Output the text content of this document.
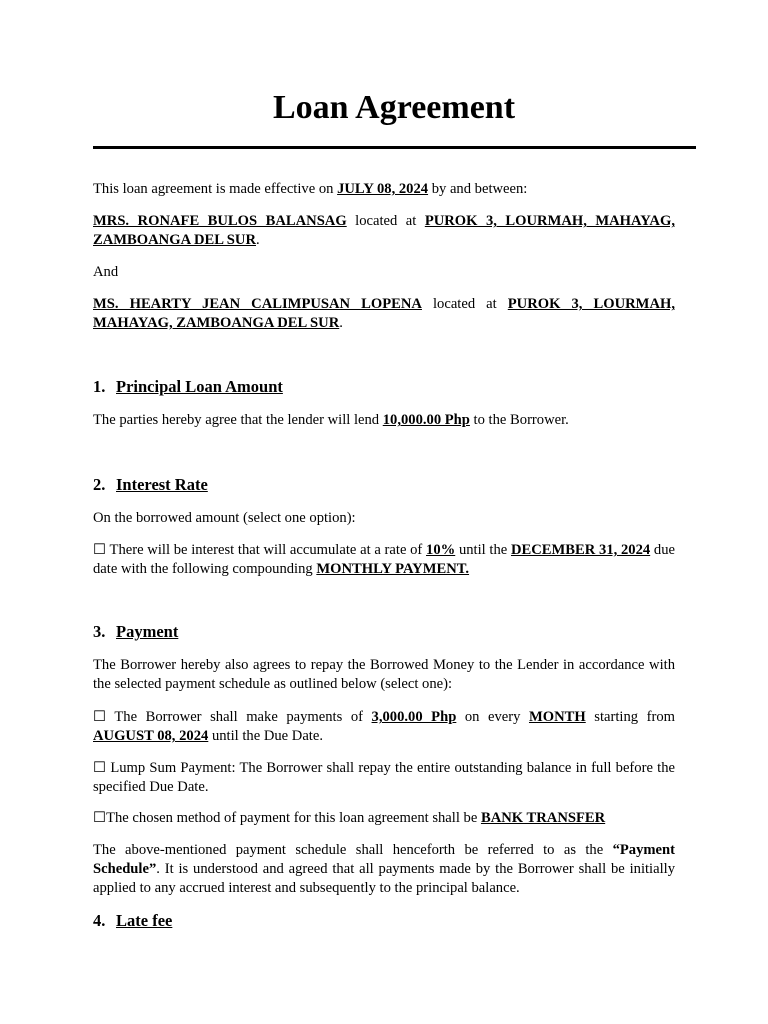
Loan Agreement

This loan agreement is made effective on JULY 08, 2024 by and between:

MRS. RONAFE BULOS BALANSAG located at PUROK 3, LOURMAH, MAHAYAG, ZAMBOANGA DEL SUR.

And

MS. HEARTY JEAN CALIMPUSAN LOPENA located at PUROK 3, LOURMAH, MAHAYAG, ZAMBOANGA DEL SUR.

1. Principal Loan Amount

The parties hereby agree that the lender will lend 10,000.00 Php to the Borrower.

2. Interest Rate

On the borrowed amount (select one option):

☐ There will be interest that will accumulate at a rate of 10% until the DECEMBER 31, 2024 due date with the following compounding MONTHLY PAYMENT.

3. Payment

The Borrower hereby also agrees to repay the Borrowed Money to the Lender in accordance with the selected payment schedule as outlined below (select one):

☐ The Borrower shall make payments of 3,000.00 Php on every MONTH starting from AUGUST 08, 2024 until the Due Date.

☐ Lump Sum Payment: The Borrower shall repay the entire outstanding balance in full before the specified Due Date.

☐The chosen method of payment for this loan agreement shall be BANK TRANSFER

The above-mentioned payment schedule shall henceforth be referred to as the “Payment Schedule”. It is understood and agreed that all payments made by the Borrower shall be initially applied to any accrued interest and subsequently to the principal balance.

4. Late fee
